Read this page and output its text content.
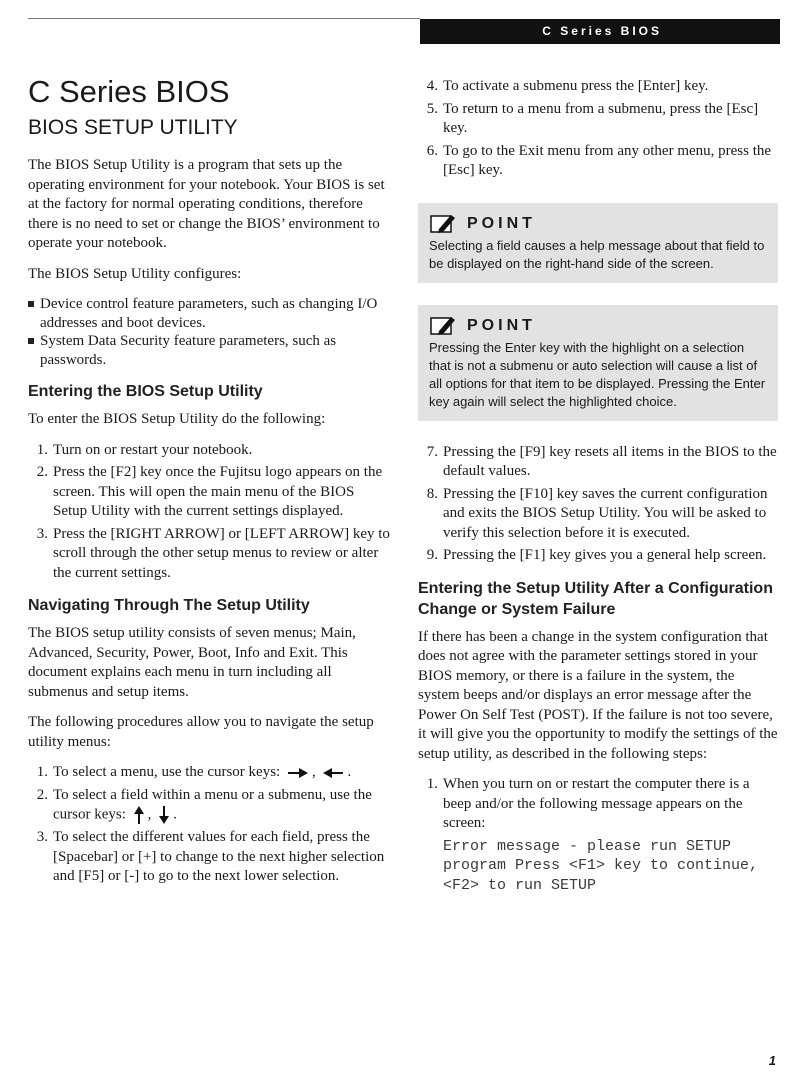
C Series BIOS
C Series BIOS
BIOS SETUP UTILITY

The BIOS Setup Utility is a program that sets up the operating environment for your notebook. Your BIOS is set at the factory for normal operating conditions, therefore there is no need to set or change the BIOS’ environment to operate your notebook.

The BIOS Setup Utility configures:

Device control feature parameters, such as changing I/O addresses and boot devices.
System Data Security feature parameters, such as passwords.
Entering the BIOS Setup Utility

To enter the BIOS Setup Utility do the following:

1. Turn on or restart your notebook.
2. Press the [F2] key once the Fujitsu logo appears on the screen. This will open the main menu of the BIOS Setup Utility with the current settings displayed.
3. Press the [RIGHT ARROW] or [LEFT ARROW] key to scroll through the other setup menus to review or alter the current settings.
Navigating Through The Setup Utility

The BIOS setup utility consists of seven menus; Main, Advanced, Security, Power, Boot, Info and Exit. This document explains each menu in turn including all submenus and setup items.

The following procedures allow you to navigate the setup utility menus:

1. To select a menu, use the cursor keys: , .
2. To select a field within a menu or a submenu, use the cursor keys: , .
3. To select the different values for each field, press the [Spacebar] or [+] to change to the next higher selection and [F5] or [-] to go to the next lower selection.
4. To activate a submenu press the [Enter] key.
5. To return to a menu from a submenu, press the [Esc] key.
6. To go to the Exit menu from any other menu, press the [Esc] key.
POINT
Selecting a field causes a help message about that field to be displayed on the right-hand side of the screen.
POINT
Pressing the Enter key with the highlight on a selection that is not a submenu or auto selection will cause a list of all options for that item to be displayed. Pressing the Enter key again will select the highlighted choice.
7. Pressing the [F9] key resets all items in the BIOS to the default values.
8. Pressing the [F10] key saves the current configuration and exits the BIOS Setup Utility. You will be asked to verify this selection before it is executed.
9. Pressing the [F1] key gives you a general help screen.
Entering the Setup Utility After a Configuration Change or System Failure

If there has been a change in the system configuration that does not agree with the parameter settings stored in your BIOS memory, or there is a failure in the system, the system beeps and/or displays an error message after the Power On Self Test (POST). If the failure is not too severe, it will give you the opportunity to modify the settings of the setup utility, as described in the following steps:

1. When you turn on or restart the computer there is a beep and/or the following message appears on the screen:
Error message - please run SETUP program Press <F1> key to continue, <F2> to run SETUP
1
